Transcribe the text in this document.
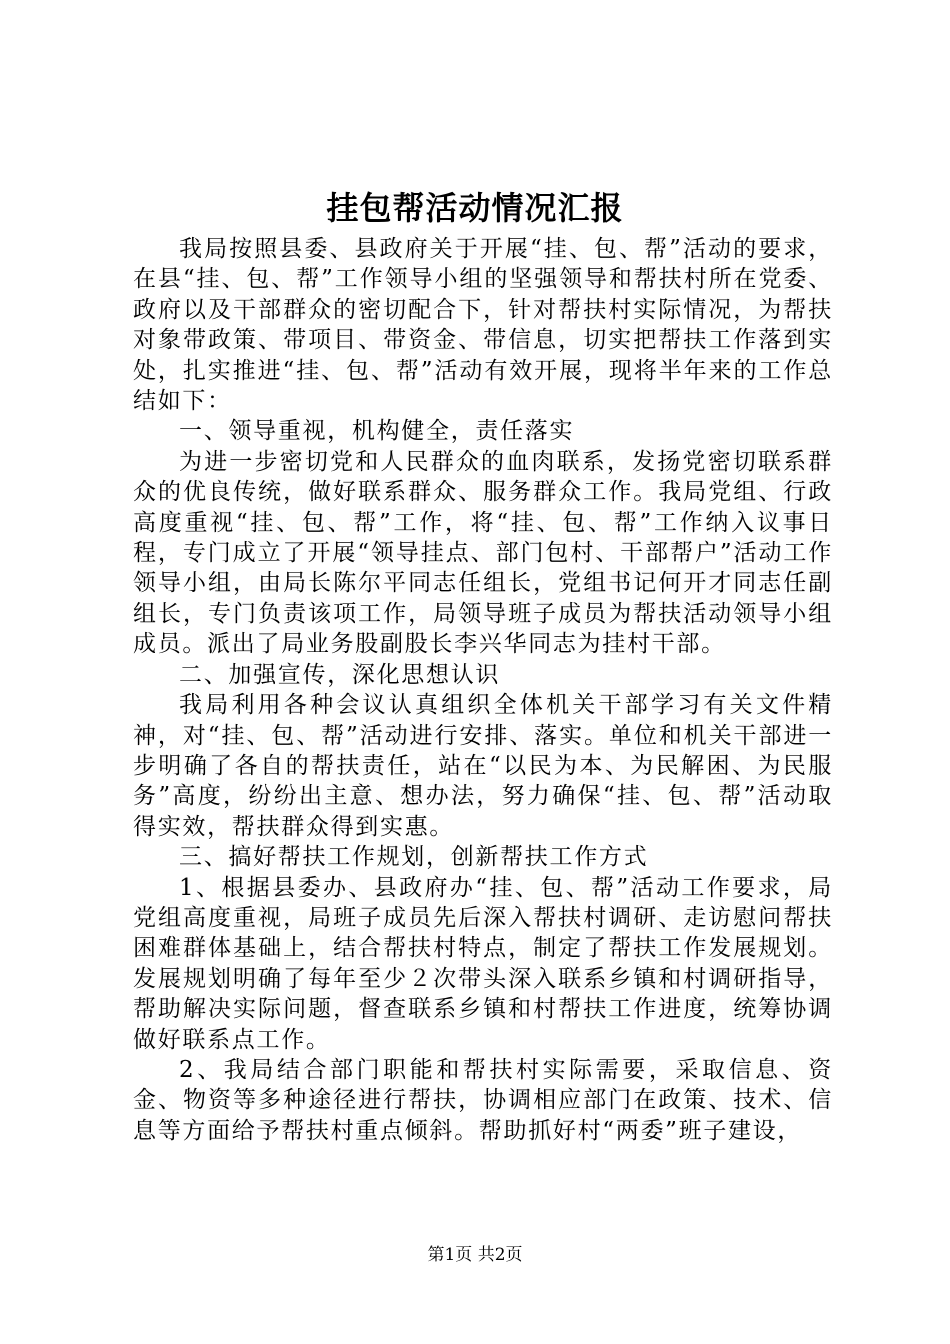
挂包帮活动情况汇报

我局按照县委、县政府关于开展“挂、包、帮”活动的要求，在县“挂、包、帮”工作领导小组的坚强领导和帮扶村所在党委、政府以及干部群众的密切配合下，针对帮扶村实际情况，为帮扶对象带政策、带项目、带资金、带信息，切实把帮扶工作落到实处，扎实推进“挂、包、帮”活动有效开展，现将半年来的工作总结如下：

一、领导重视，机构健全，责任落实

为进一步密切党和人民群众的血肉联系，发扬党密切联系群众的优良传统，做好联系群众、服务群众工作。我局党组、行政高度重视“挂、包、帮”工作，将“挂、包、帮”工作纳入议事日程，专门成立了开展“领导挂点、部门包村、干部帮户”活动工作领导小组，由局长陈尔平同志任组长，党组书记何开才同志任副组长，专门负责该项工作，局领导班子成员为帮扶活动领导小组成员。派出了局业务股副股长李兴华同志为挂村干部。

二、加强宣传，深化思想认识

我局利用各种会议认真组织全体机关干部学习有关文件精神，对“挂、包、帮”活动进行安排、落实。单位和机关干部进一步明确了各自的帮扶责任，站在“以民为本、为民解困、为民服务”高度，纷纷出主意、想办法，努力确保“挂、包、帮”活动取得实效，帮扶群众得到实惠。

三、搞好帮扶工作规划，创新帮扶工作方式

1、根据县委办、县政府办“挂、包、帮”活动工作要求，局党组高度重视，局班子成员先后深入帮扶村调研、走访慰问帮扶困难群体基础上，结合帮扶村特点，制定了帮扶工作发展规划。发展规划明确了每年至少２次带头深入联系乡镇和村调研指导，帮助解决实际问题，督查联系乡镇和村帮扶工作进度，统筹协调做好联系点工作。

2、我局结合部门职能和帮扶村实际需要，采取信息、资金、物资等多种途径进行帮扶，协调相应部门在政策、技术、信息等方面给予帮扶村重点倾斜。帮助抓好村“两委”班子建设，

第1页 共2页
